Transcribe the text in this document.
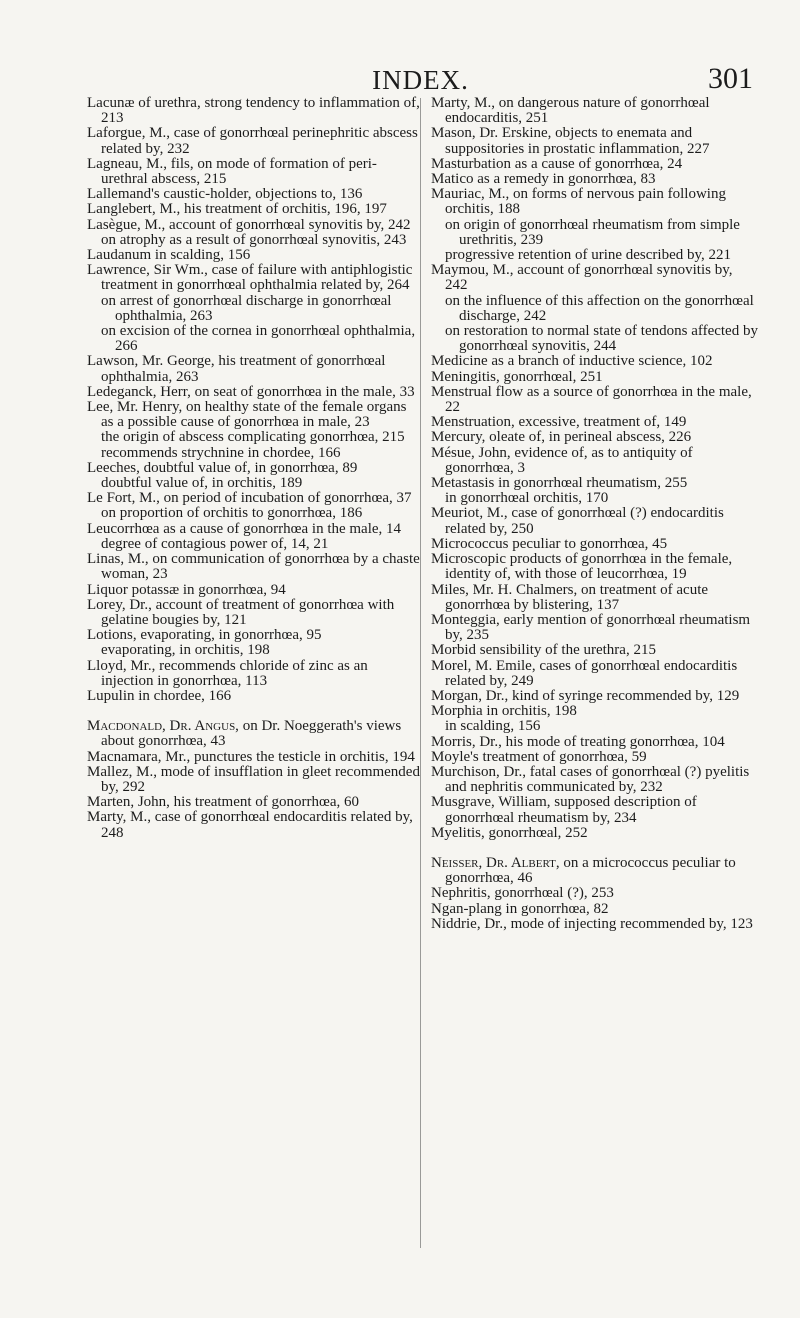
INDEX.	301

Lacunæ of urethra, strong tendency to inflammation of, 213

Laforgue, M., case of gonorrhœal perinephritic abscess related by, 232

Lagneau, M., fils, on mode of formation of peri-urethral abscess, 215

Lallemand's caustic-holder, objections to, 136

Langlebert, M., his treatment of orchitis, 196, 197

Lasègue, M., account of gonorrhœal synovitis by, 242

on atrophy as a result of gonorrhœal synovitis, 243

Laudanum in scalding, 156

Lawrence, Sir Wm., case of failure with antiphlogistic treatment in gonorrhœal ophthalmia related by, 264

on arrest of gonorrhœal discharge in gonorrhœal ophthalmia, 263

on excision of the cornea in gonorrhœal ophthalmia, 266

Lawson, Mr. George, his treatment of gonorrhœal ophthalmia, 263

Ledeganck, Herr, on seat of gonorrhœa in the male, 33

Lee, Mr. Henry, on healthy state of the female organs as a possible cause of gonorrhœa in male, 23

the origin of abscess complicating gonorrhœa, 215

recommends strychnine in chordee, 166

Leeches, doubtful value of, in gonorrhœa, 89

doubtful value of, in orchitis, 189

Le Fort, M., on period of incubation of gonorrhœa, 37

on proportion of orchitis to gonorrhœa, 186

Leucorrhœa as a cause of gonorrhœa in the male, 14

degree of contagious power of, 14, 21

Linas, M., on communication of gonorrhœa by a chaste woman, 23

Liquor potassæ in gonorrhœa, 94

Lorey, Dr., account of treatment of gonorrhœa with gelatine bougies by, 121

Lotions, evaporating, in gonorrhœa, 95

evaporating, in orchitis, 198

Lloyd, Mr., recommends chloride of zinc as an injection in gonorrhœa, 113

Lupulin in chordee, 166

Macdonald, Dr. Angus, on Dr. Noeggerath's views about gonorrhœa, 43

Macnamara, Mr., punctures the testicle in orchitis, 194

Mallez, M., mode of insufflation in gleet recommended by, 292

Marten, John, his treatment of gonorrhœa, 60

Marty, M., case of gonorrhœal endocarditis related by, 248

Marty, M., on dangerous nature of gonorrhœal endocarditis, 251

Mason, Dr. Erskine, objects to enemata and suppositories in prostatic inflammation, 227

Masturbation as a cause of gonorrhœa, 24

Matico as a remedy in gonorrhœa, 83

Mauriac, M., on forms of nervous pain following orchitis, 188

on origin of gonorrhœal rheumatism from simple urethritis, 239

progressive retention of urine described by, 221

Maymou, M., account of gonorrhœal synovitis by, 242

on the influence of this affection on the gonorrhœal discharge, 242

on restoration to normal state of tendons affected by gonorrhœal synovitis, 244

Medicine as a branch of inductive science, 102

Meningitis, gonorrhœal, 251

Menstrual flow as a source of gonorrhœa in the male, 22

Menstruation, excessive, treatment of, 149

Mercury, oleate of, in perineal abscess, 226

Mésue, John, evidence of, as to antiquity of gonorrhœa, 3

Metastasis in gonorrhœal rheumatism, 255

in gonorrhœal orchitis, 170

Meuriot, M., case of gonorrhœal (?) endocarditis related by, 250

Micrococcus peculiar to gonorrhœa, 45

Microscopic products of gonorrhœa in the female, identity of, with those of leucorrhœa, 19

Miles, Mr. H. Chalmers, on treatment of acute gonorrhœa by blistering, 137

Monteggia, early mention of gonorrhœal rheumatism by, 235

Morbid sensibility of the urethra, 215

Morel, M. Emile, cases of gonorrhœal endocarditis related by, 249

Morgan, Dr., kind of syringe recommended by, 129

Morphia in orchitis, 198

in scalding, 156

Morris, Dr., his mode of treating gonorrhœa, 104

Moyle's treatment of gonorrhœa, 59

Murchison, Dr., fatal cases of gonorrhœal (?) pyelitis and nephritis communicated by, 232

Musgrave, William, supposed description of gonorrhœal rheumatism by, 234

Myelitis, gonorrhœal, 252

Neisser, Dr. Albert, on a micrococcus peculiar to gonorrhœa, 46

Nephritis, gonorrhœal (?), 253

Ngan-plang in gonorrhœa, 82

Niddrie, Dr., mode of injecting recommended by, 123
